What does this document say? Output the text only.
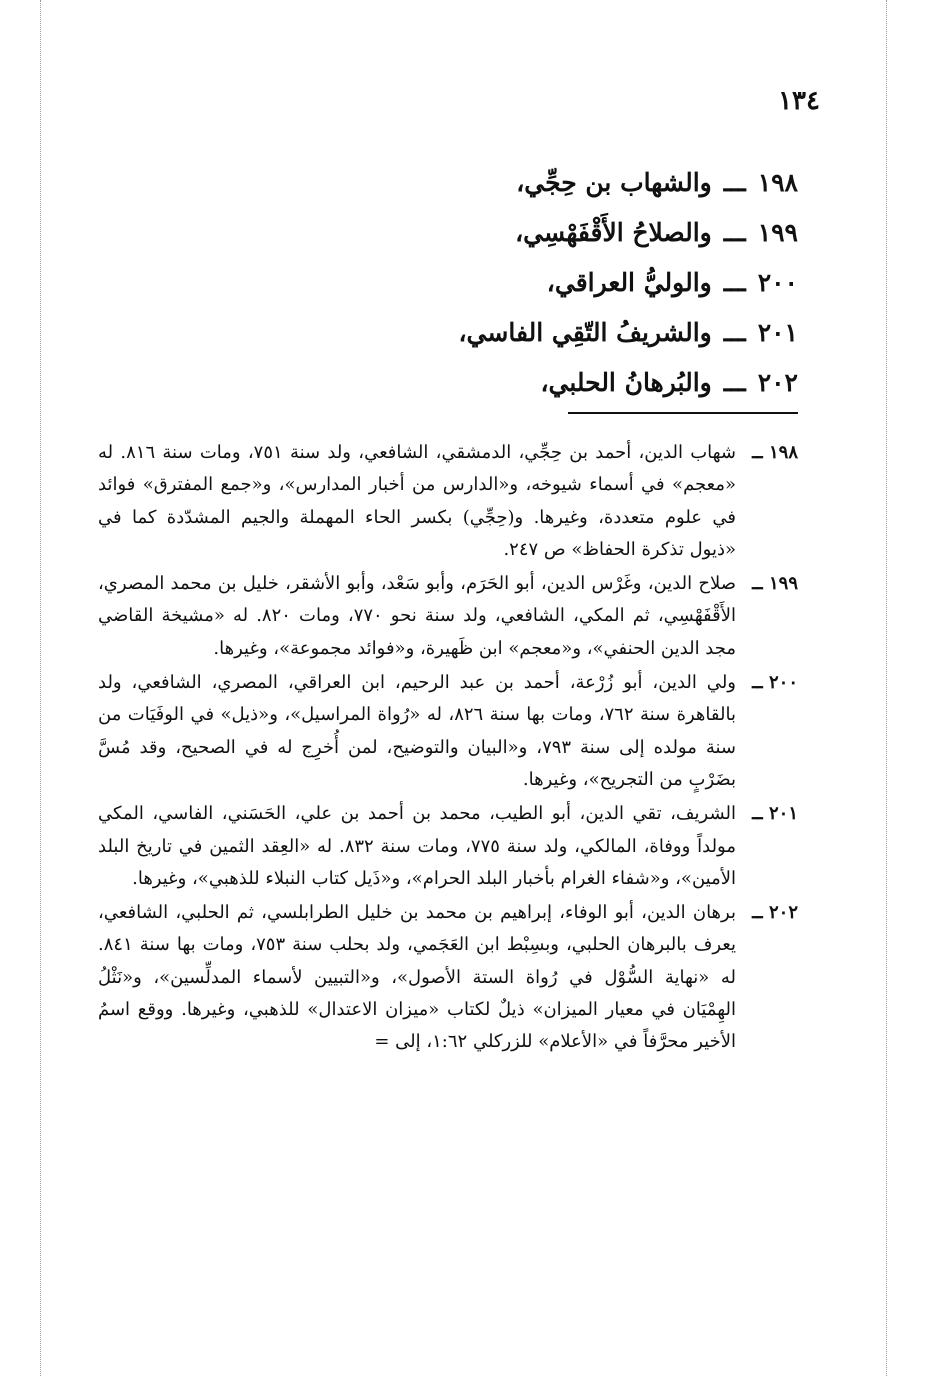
١٣٤
١٩٨ـــوالشهاب بن حِجِّي،
١٩٩ـــوالصلاحُ الأَقْفَهْسِي،
٢٠٠ـــوالوليُّ العراقي،
٢٠١ـــوالشريفُ التّقِي الفاسي،
٢٠٢ـــوالبُرهانُ الحلبي،
١٩٨ ــ
شهاب الدين، أحمد بن حِجِّي، الدمشقي، الشافعي، ولد سنة ٧٥١، ومات سنة ٨١٦. له «معجم» في أسماء شيوخه، و«الدارس من أخبار المدارس»، و«جمع المفترق» فوائد في علوم متعددة، وغيرها. و(حِجِّي) بكسر الحاء المهملة والجيم المشدّدة كما في «ذيول تذكرة الحفاظ» ص ٢٤٧.
١٩٩ ــ
صلاح الدين، وغَرْس الدين، أبو الحَرَم، وأبو سَعْد، وأبو الأشقر، خليل بن محمد المصري، الأَقْفَهْسِي، ثم المكي، الشافعي، ولد سنة نحو ٧٧٠، ومات ٨٢٠. له «مشيخة القاضي مجد الدين الحنفي»، و«معجم» ابن ظَهيرة، و«فوائد مجموعة»، وغيرها.
٢٠٠ ــ
ولي الدين، أبو زُرْعة، أحمد بن عبد الرحيم، ابن العراقي، المصري، الشافعي، ولد بالقاهرة سنة ٧٦٢، ومات بها سنة ٨٢٦، له «رُواة المراسيل»، و«ذيل» في الوفَيَات من سنة مولده إلى سنة ٧٩٣، و«البيان والتوضيح، لمن أُخرِج له في الصحيح، وقد مُسَّ بضَرْبٍ من التجريح»، وغيرها.
٢٠١ ــ
الشريف، تقي الدين، أبو الطيب، محمد بن أحمد بن علي، الحَسَني، الفاسي، المكي مولداً ووفاة، المالكي، ولد سنة ٧٧٥، ومات سنة ٨٣٢. له «العِقد الثمين في تاريخ البلد الأمين»، و«شفاء الغرام بأخبار البلد الحرام»، و«ذَيل كتاب النبلاء للذهبي»، وغيرها.
٢٠٢ ــ
برهان الدين، أبو الوفاء، إبراهيم بن محمد بن خليل الطرابلسي، ثم الحلبي، الشافعي، يعرف بالبرهان الحلبي، وبسِبْط ابن العَجَمي، ولد بحلب سنة ٧٥٣، ومات بها سنة ٨٤١. له «نهاية السُّوْل في رُواة الستة الأصول»، و«التبيين لأسماء المدلِّسين»، و«نَثْلُ الهِمْيَان في معيار الميزان» ذيلٌ لكتاب «ميزان الاعتدال» للذهبي، وغيرها. ووقع اسمُ الأخير محرَّفاً في «الأعلام» للزركلي ١:٦٢، إلى =
